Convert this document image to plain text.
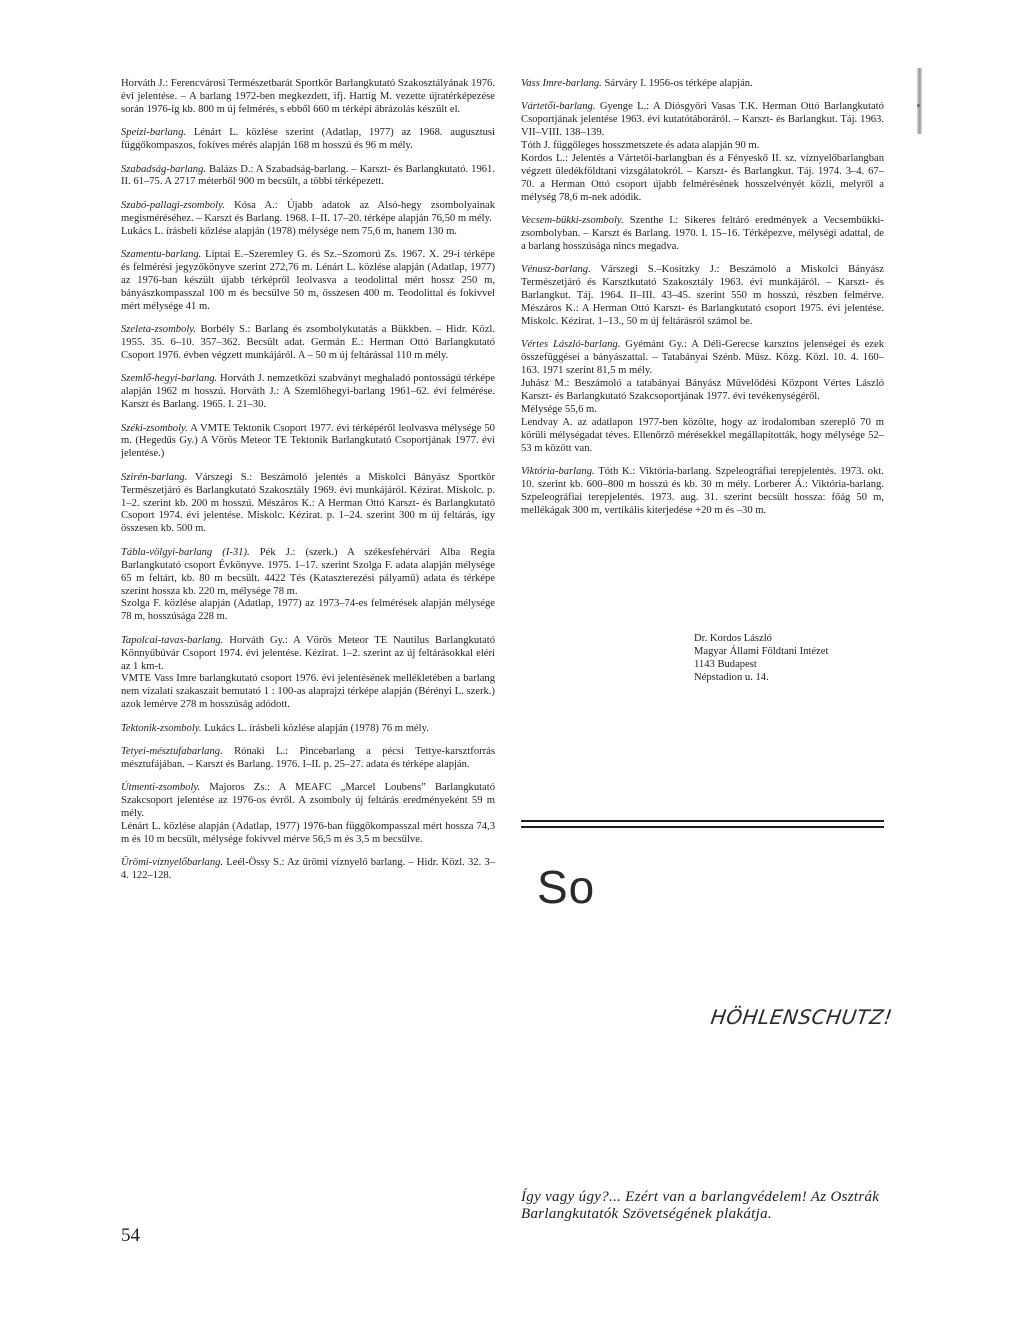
Horváth J.: Ferencvárosi Természetbarát Sportkör Barlangkutató Szakosztályának 1976. évi jelentése. – A barlang 1972-ben megkezdett, ifj. Hartig M. vezette újratérképezése során 1976-ig kb. 800 m új felmérés, s ebből 660 m térképi ábrázolás készült el.

Speizi-barlang. Lénárt L. közlése szerint (Adatlap, 1977) az 1968. augusztusi függőkompaszos, fokíves mérés alapján 168 m hosszú és 96 m mély.

Szabadság-barlang. Balázs D.: A Szabadság-barlang. – Karszt- és Barlangkutató. 1961. II. 61–75. A 2717 méterből 900 m becsült, a többi térképezett.

Szabó-pallagi-zsomboly. Kósa A.: Újabb adatok az Alsó-hegy zsombolyainak megisméréséhez. – Karszt és Barlang. 1968. I–II. 17–20. térképe alapján 76,50 m mély.

Lukács L. írásbeli közlése alapján (1978) mélysége nem 75,6 m, hanem 130 m.

Szamentu-barlang. Liptai E.–Szeremley G. és Sz.–Szomorú Zs. 1967. X. 29-i térképe és felmérési jegyzőkönyve szerint 272,76 m. Lénárt L. közlése alapján (Adatlap, 1977) az 1976-ban készült újabb térképről leolvasva a teodolittal mért hossz 250 m, bányászkompasszal 100 m és becsülve 50 m, összesen 400 m. Teodolittal és fokívvel mért mélysége 41 m.

Szeleta-zsomboly. Borbély S.: Barlang és zsombolykutatás a Bükkben. – Hidr. Közl. 1955. 35. 6–10. 357–362. Becsült adat. Germán E.: Herman Ottó Barlangkutató Csoport 1976. évben végzett munkájáról. A – 50 m új feltárással 110 m mély.

Szemlő-hegyi-barlang. Horváth J. nemzetközi szabványt meghaladó pontosságú térképe alapján 1962 m hosszú. Horváth J.: A Szemlőhegyi-barlang 1961–62. évi felmérése. Karszt és Barlang. 1965. I. 21–30.

Széki-zsomboly. A VMTE Tektonik Csoport 1977. évi térképéről leolvasva mélysége 50 m. (Hegedűs Gy.) A Vörös Meteor TE Tektonik Barlangkutató Csoportjának 1977. évi jelentése.)

Szirén-barlang. Várszegi S.: Beszámoló jelentés a Miskolci Bányász Sportkör Természetjáró és Barlangkutató Szakosztály 1969. évi munkájáról. Kézirat. Miskolc. p. 1–2. szerint kb. 200 m hosszú. Mészáros K.: A Herman Ottó Karszt- és Barlangkutató Csoport 1974. évi jelentése. Miskolc. Kézirat. p. 1–24. szerint 300 m új feltárás, így összesen kb. 500 m.

Tábla-völgyi-barlang (I-31). Pék J.: (szerk.) A székesfehérvári Alba Regia Barlangkutató csoport Évkönyve. 1975. 1–17. szerint Szolga F. adata alapján mélysége 65 m feltárt, kb. 80 m becsült. 4422 Tés (Kataszterezési pályamű) adata és térképe szerint hossza kb. 220 m, mélysége 78 m.

Szolga F. közlése alapján (Adatlap, 1977) az 1973–74-es felmérések alapján mélysége 78 m, hosszúsága 228 m.

Tapolcai-tavas-barlang. Horváth Gy.: A Vörös Meteor TE Nautilus Barlangkutató Könnyűbúvár Csoport 1974. évi jelentése. Kézirat. 1–2. szerint az új feltárásokkal eléri az 1 km-t.

VMTE Vass Imre barlangkutató csoport 1976. évi jelentésének mellékletében a barlang nem vízalati szakaszait bemutató 1 : 100-as alaprajzi térképe alapján (Bérényi L. szerk.) azok lemérve 278 m hosszúság adódott.

Tektonik-zsomboly. Lukács L. írásbeli közlése alapján (1978) 76 m mély.

Tetyei-mésztufabarlang. Rónaki L.: Pincebarlang a pécsi Tettye-karsztforrás mésztufájában. – Karszt és Barlang. 1976. I–II. p. 25–27. adata és térképe alapján.

Útmenti-zsomboly. Majoros Zs.: A MEAFC „Marcel Loubens” Barlangkutató Szakcsoport jelentése az 1976-os évről. A zsomboly új feltárás eredményeként 59 m mély.

Lénárt L. közlése alapján (Adatlap, 1977) 1976-ban függőkompasszal mért hossza 74,3 m és 10 m becsült, mélysége fokívvel mérve 56,5 m és 3,5 m becsülve.

Ürömi-víznyelőbarlang. Leél-Össy S.: Az ürömi víznyelő barlang. – Hidr. Közl. 32. 3–4. 122–128.

Vass Imre-barlang. Sárváry I. 1956-os térképe alapján.

Vártetői-barlang. Gyenge L.: A Diósgyőri Vasas T.K. Herman Ottó Barlangkutató Csoportjának jelentése 1963. évi kutatótáboráról. – Karszt- és Barlangkut. Táj. 1963. VII–VIII. 138–139.

Tóth J. függőleges hosszmetszete és adata alapján 90 m.

Kordos L.: Jelentés a Vártetői-barlangban és a Fényeskő II. sz. víznyelőbarlangban végzett üledékföldtani vizsgálatokról. – Karszt- és Barlangkut. Táj. 1974. 3–4. 67–70. a Herman Ottó csoport újabb felmérésének hosszelvényét közli, melyről a mélység 78,6 m-nek adódik.

Vecsem-bükki-zsomboly. Szenthe I.: Sikeres feltáró eredmények a Vecsembükki-zsombolyban. – Karszt és Barlang. 1970. I. 15–16. Térképezve, mélységi adattal, de a barlang hosszúsága nincs megadva.

Vénusz-barlang. Várszegi S.–Kositzky J.: Beszámoló a Miskolci Bányász Természetjáró és Karsztkutató Szakosztály 1963. évi munkájáról. – Karszt- és Barlangkut. Táj. 1964. II–III. 43–45. szerint 550 m hosszú, részben felmérve. Mészáros K.: A Herman Ottó Karszt- és Barlangkutató csoport 1975. évi jelentése. Miskolc. Kézirat. 1–13., 50 m új feltárásról számol be.

Vértes László-barlang. Gyémánt Gy.: A Déli-Gerecse karsztos jelenségei és ezek összefüggései a bányászattal. – Tatabányai Szénb. Műsz. Közg. Közl. 10. 4. 160–163. 1971 szerint 81,5 m mély.

Juhász M.: Beszámoló a tatabányai Bányász Művelődési Központ Vértes László Karszt- és Barlangkutató Szakcsoportjának 1977. évi tevékenységéről.

Mélysége 55,6 m.

Lendvay A. az adatlapon 1977-ben közölte, hogy az irodalomban szereplő 70 m körüli mélységadat téves. Ellenőrző mérésekkel megállapították, hogy mélysége 52–53 m között van.

Viktória-barlang. Tóth K.: Viktória-barlang. Szpeleográfiai terepjelentés. 1973. okt. 10. szerint kb. 600–800 m hosszú és kb. 30 m mély. Lorberer Á.: Viktória-barlang. Szpeleográfiai terepjelentés. 1973. aug. 31. szerint becsült hossza: főág 50 m, mellékágak 300 m, vertikális kiterjedése +20 m és –30 m.

Dr. Kordos László
Magyar Állami Földtani Intézet
1143 Budapest
Népstadion u. 14.
So
HÖHLENSCHUTZ!
Így vagy úgy?... Ezért van a barlangvédelem! Az Osztrák Barlangkutatók Szövetségének plakátja.
54
